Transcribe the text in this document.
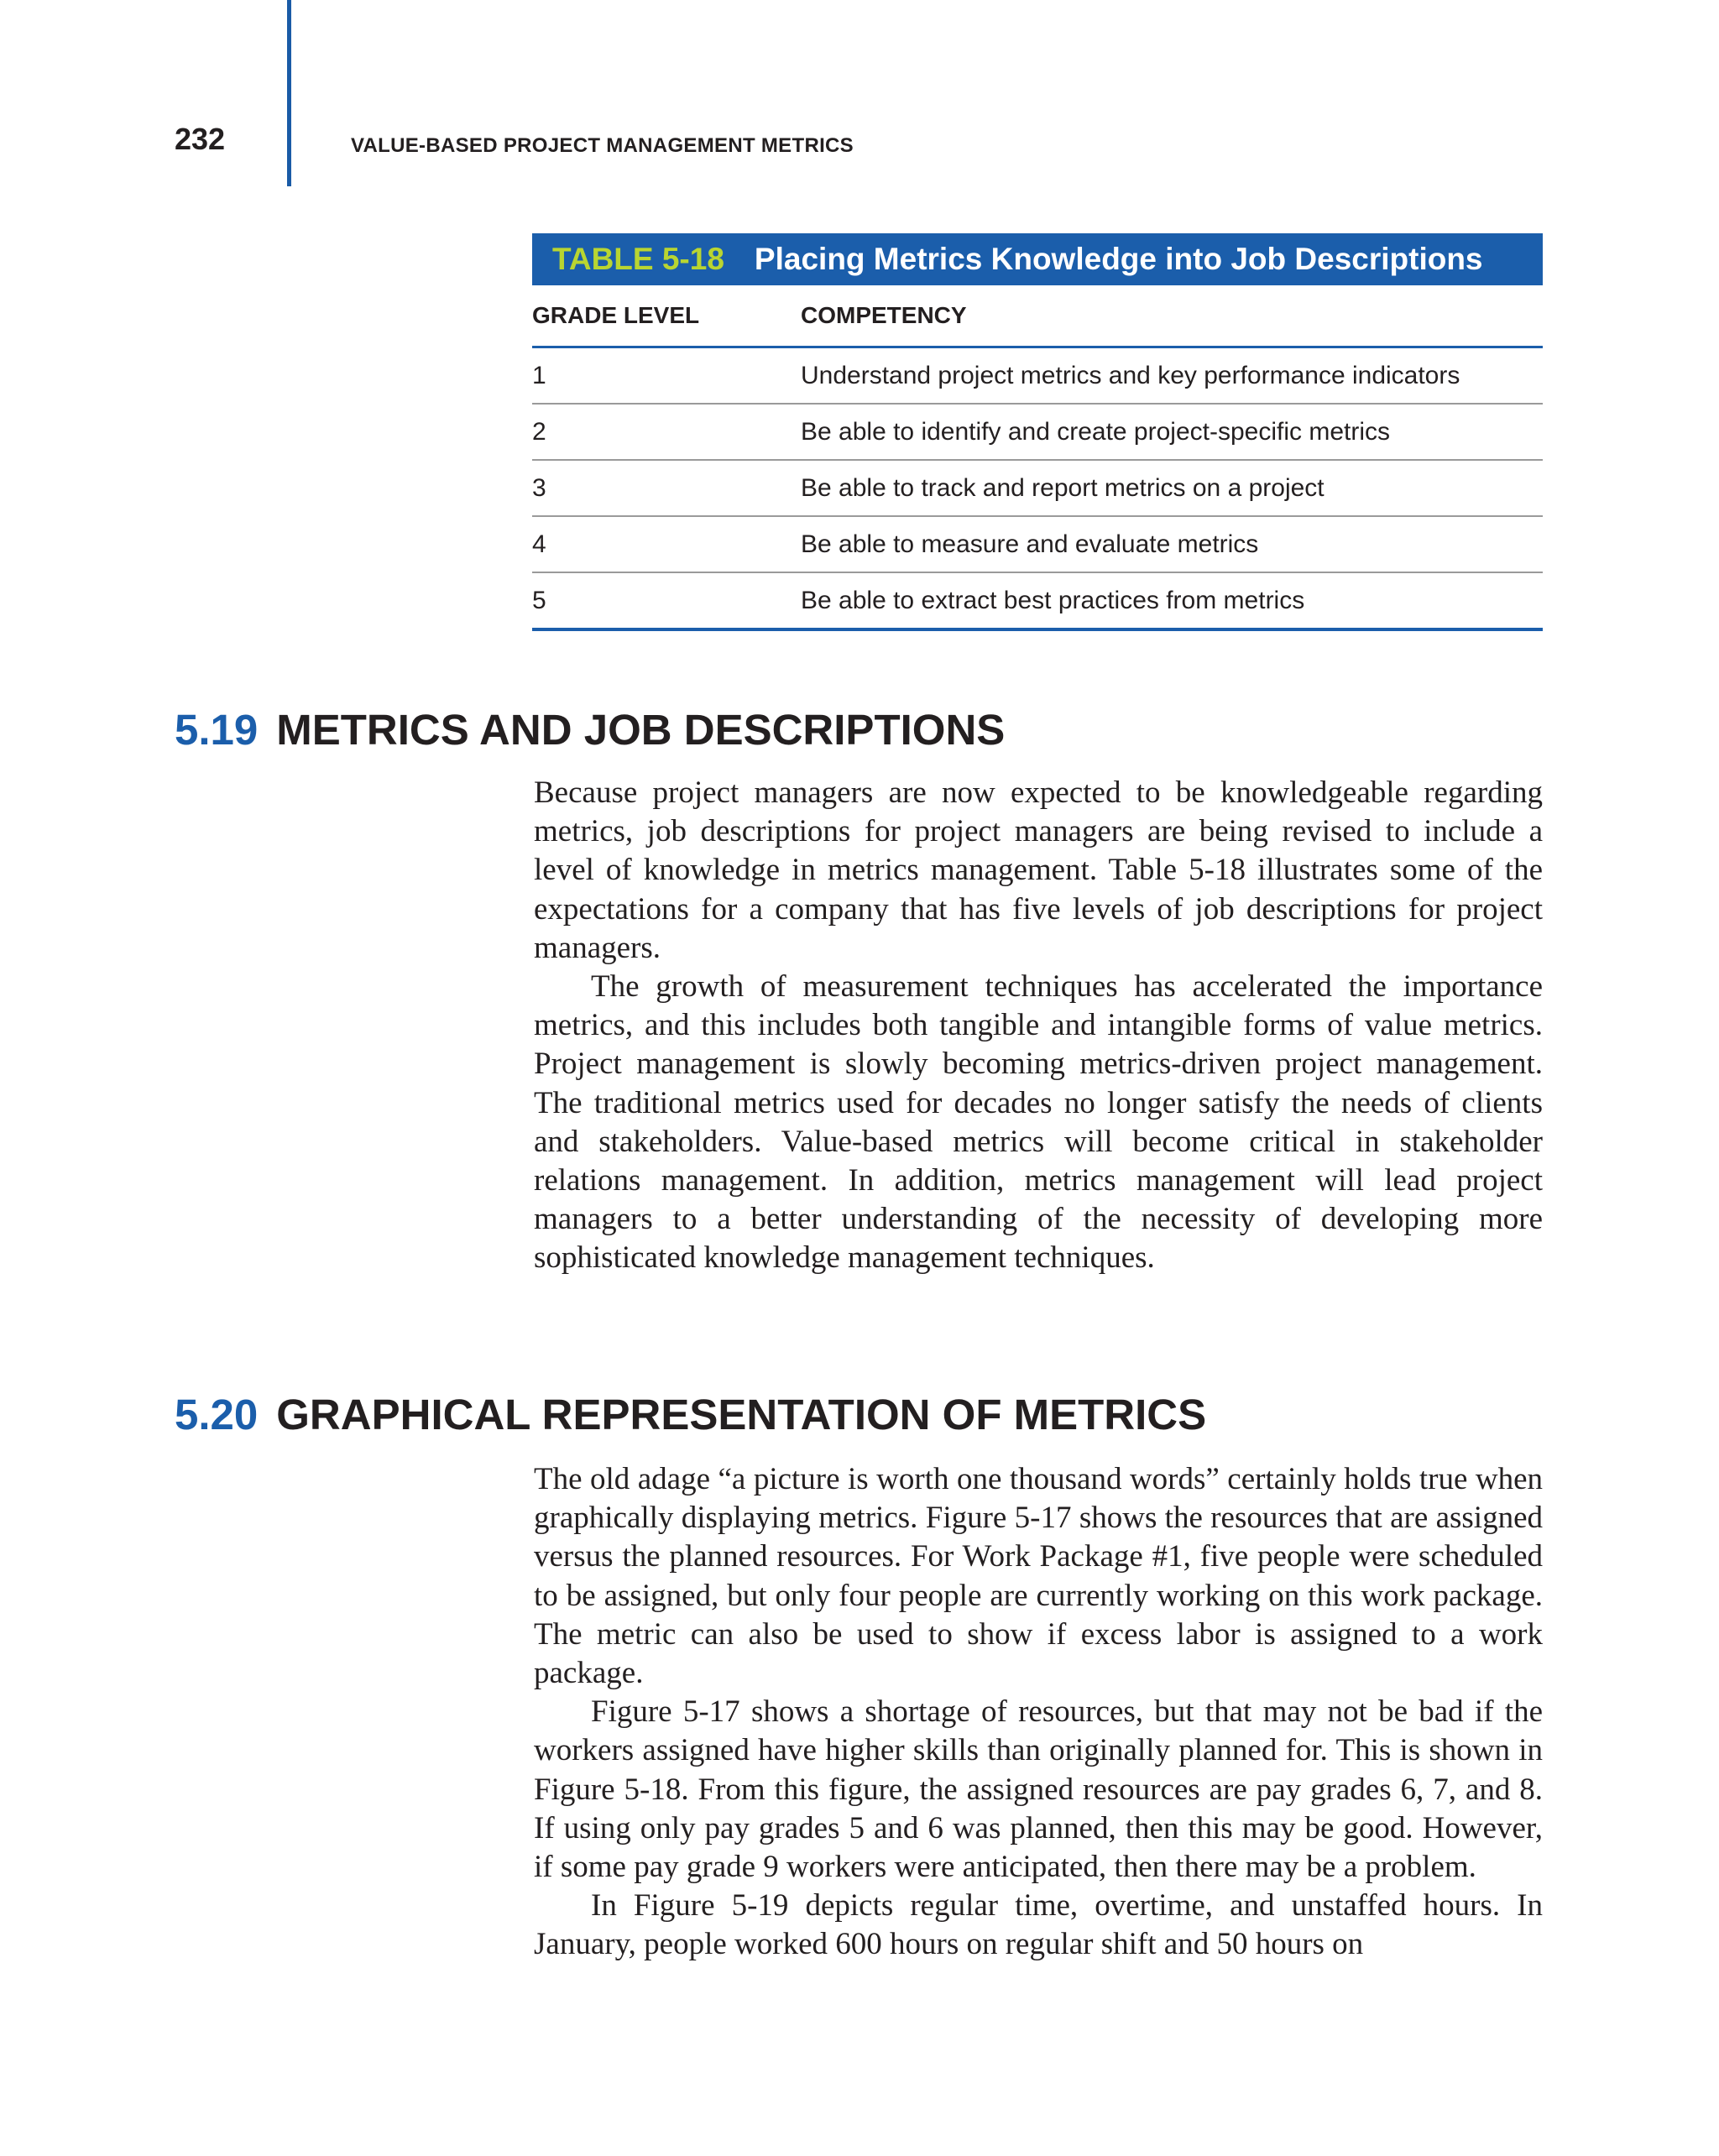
232	VALUE-BASED PROJECT MANAGEMENT METRICS
TABLE 5-18 Placing Metrics Knowledge into Job Descriptions
GRADE LEVEL	COMPETENCY
1	Understand project metrics and key performance indicators
2	Be able to identify and create project-specific metrics
3	Be able to track and report metrics on a project
4	Be able to measure and evaluate metrics
5	Be able to extract best practices from metrics
5.19 METRICS AND JOB DESCRIPTIONS

Because project managers are now expected to be knowledgeable regarding metrics, job descriptions for project managers are being revised to include a level of knowledge in metrics management. Table 5-18 illustrates some of the expectations for a company that has five levels of job descriptions for project managers.

The growth of measurement techniques has accelerated the importance metrics, and this includes both tangible and intangible forms of value metrics. Project management is slowly becoming metrics-driven project management. The traditional metrics used for decades no longer satisfy the needs of clients and stakeholders. Value-based metrics will become critical in stakeholder relations management. In addition, metrics management will lead project managers to a better understanding of the necessity of developing more sophisticated knowledge management techniques.

5.20 GRAPHICAL REPRESENTATION OF METRICS

The old adage “a picture is worth one thousand words” certainly holds true when graphically displaying metrics. Figure 5-17 shows the resources that are assigned versus the planned resources. For Work Package #1, five people were scheduled to be assigned, but only four people are currently working on this work package. The metric can also be used to show if excess labor is assigned to a work package.

Figure 5-17 shows a shortage of resources, but that may not be bad if the workers assigned have higher skills than originally planned for. This is shown in Figure 5-18. From this figure, the assigned resources are pay grades 6, 7, and 8. If using only pay grades 5 and 6 was planned, then this may be good. However, if some pay grade 9 workers were anticipated, then there may be a problem.

In Figure 5-19 depicts regular time, overtime, and unstaffed hours. In January, people worked 600 hours on regular shift and 50 hours on
